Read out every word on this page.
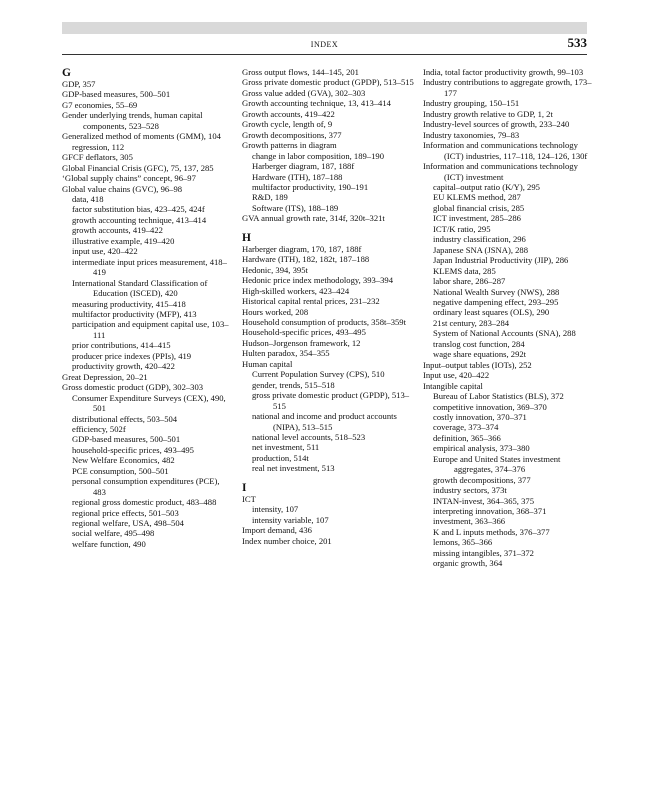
INDEX	533
G
GDP, 357
GDP-based measures, 500–501
G7 economies, 55–69
Gender underlying trends, human capital components, 523–528
Generalized method of moments (GMM), 104
regression, 112
GFCF deflators, 305
Global Financial Crisis (GFC), 75, 137, 285
‘Global supply chains” concept, 96–97
Global value chains (GVC), 96–98
data, 418
factor substitution bias, 423–425, 424f
growth accounting technique, 413–414
growth accounts, 419–422
illustrative example, 419–420
input use, 420–422
intermediate input prices measurement, 418–419
International Standard Classification of Education (ISCED), 420
measuring productivity, 415–418
multifactor productivity (MFP), 413
participation and equipment capital use, 103–111
prior contributions, 414–415
producer price indexes (PPIs), 419
productivity growth, 420–422
Great Depression, 20–21
Gross domestic product (GDP), 302–303
Consumer Expenditure Surveys (CEX), 490, 501
distributional effects, 503–504
efficiency, 502f
GDP-based measures, 500–501
household-specific prices, 493–495
New Welfare Economics, 482
PCE consumption, 500–501
personal consumption expenditures (PCE), 483
regional gross domestic product, 483–488
regional price effects, 501–503
regional welfare, USA, 498–504
social welfare, 495–498
welfare function, 490
Gross output flows, 144–145, 201
Gross private domestic product (GPDP), 513–515
Gross value added (GVA), 302–303
Growth accounting technique, 13, 413–414
Growth accounts, 419–422
Growth cycle, length of, 9
Growth decompositions, 377
Growth patterns in diagram
change in labor composition, 189–190
Harberger diagram, 187, 188f
Hardware (ITH), 187–188
multifactor productivity, 190–191
R&D, 189
Software (ITS), 188–189
GVA annual growth rate, 314f, 320t–321t
H
Harberger diagram, 170, 187, 188f
Hardware (ITH), 182, 182t, 187–188
Hedonic, 394, 395t
Hedonic price index methodology, 393–394
High-skilled workers, 423–424
Historical capital rental prices, 231–232
Hours worked, 208
Household consumption of products, 358t–359t
Household-specific prices, 493–495
Hudson–Jorgenson framework, 12
Hulten paradox, 354–355
Human capital
Current Population Survey (CPS), 510
gender, trends, 515–518
gross private domestic product (GPDP), 513–515
national and income and product accounts (NIPA), 513–515
national level accounts, 518–523
net investment, 511
production, 514t
real net investment, 513
I
ICT
intensity, 107
intensity variable, 107
Import demand, 436
Index number choice, 201
India, total factor productivity growth, 99–103
Industry contributions to aggregate growth, 173–177
Industry grouping, 150–151
Industry growth relative to GDP, 1, 2t
Industry-level sources of growth, 233–240
Industry taxonomies, 79–83
Information and communications technology (ICT) industries, 117–118, 124–126, 130f
Information and communications technology (ICT) investment
capital–output ratio (K/Y), 295
EU KLEMS method, 287
global financial crisis, 285
ICT investment, 285–286
ICT/K ratio, 295
industry classification, 296
Japanese SNA (JSNA), 288
Japan Industrial Productivity (JIP), 286
KLEMS data, 285
labor share, 286–287
National Wealth Survey (NWS), 288
negative dampening effect, 293–295
ordinary least squares (OLS), 290
21st century, 283–284
System of National Accounts (SNA), 288
translog cost function, 284
wage share equations, 292t
Input–output tables (IOTs), 252
Input use, 420–422
Intangible capital
Bureau of Labor Statistics (BLS), 372
competitive innovation, 369–370
costly innovation, 370–371
coverage, 373–374
definition, 365–366
empirical analysis, 373–380
Europe and United States investment aggregates, 374–376
growth decompositions, 377
industry sectors, 373t
INTAN-invest, 364–365, 375
interpreting innovation, 368–371
investment, 363–366
K and L inputs methods, 376–377
lemons, 365–366
missing intangibles, 371–372
organic growth, 364
